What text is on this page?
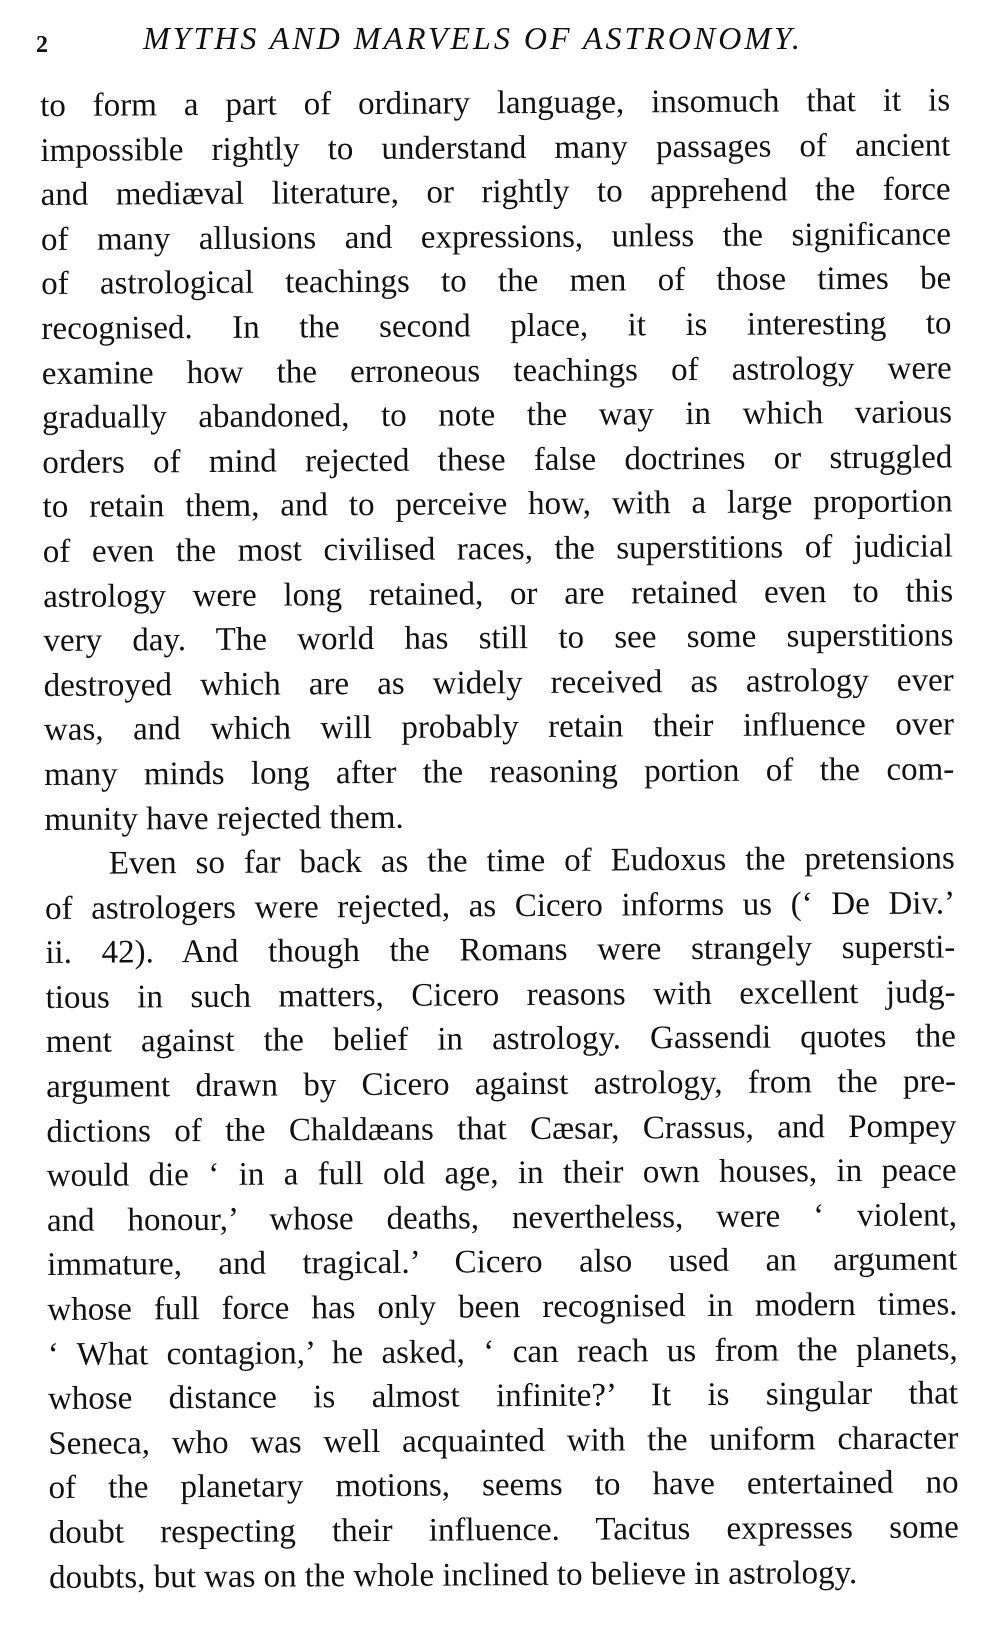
2	MYTHS AND MARVELS OF ASTRONOMY.
to form a part of ordinary language, insomuch that it is
impossible rightly to understand many passages of ancient
and mediæval literature, or rightly to apprehend the force
of many allusions and expressions, unless the significance
of astrological teachings to the men of those times be
recognised. In the second place, it is interesting to
examine how the erroneous teachings of astrology were
gradually abandoned, to note the way in which various
orders of mind rejected these false doctrines or struggled
to retain them, and to perceive how, with a large proportion
of even the most civilised races, the superstitions of judicial
astrology were long retained, or are retained even to this
very day. The world has still to see some superstitions
destroyed which are as widely received as astrology ever
was, and which will probably retain their influence over
many minds long after the reasoning portion of the com-
munity have rejected them.
Even so far back as the time of Eudoxus the pretensions
of astrologers were rejected, as Cicero informs us (‘ De Div.’
ii. 42). And though the Romans were strangely supersti-
tious in such matters, Cicero reasons with excellent judg-
ment against the belief in astrology. Gassendi quotes the
argument drawn by Cicero against astrology, from the pre-
dictions of the Chaldæans that Cæsar, Crassus, and Pompey
would die ‘ in a full old age, in their own houses, in peace
and honour,’ whose deaths, nevertheless, were ‘ violent,
immature, and tragical.’ Cicero also used an argument
whose full force has only been recognised in modern times.
‘ What contagion,’ he asked, ‘ can reach us from the planets,
whose distance is almost infinite?’ It is singular that
Seneca, who was well acquainted with the uniform character
of the planetary motions, seems to have entertained no
doubt respecting their influence. Tacitus expresses some
doubts, but was on the whole inclined to believe in astrology.
